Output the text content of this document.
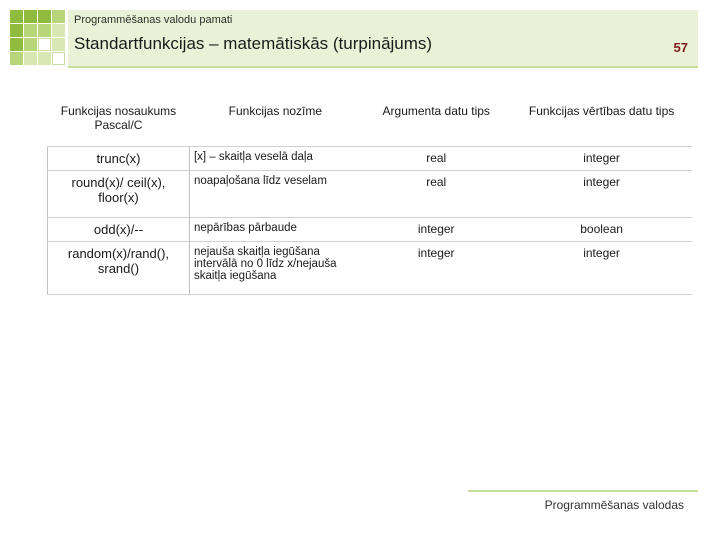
Programmēšanas valodu pamati
Standartfunkcijas – matemātiskās (turpinājums)	57
Funkcijas nosaukums Pascal/C	Funkcijas nozīme	Argumenta datu tips	Funkcijas vērtības datu tips
trunc(x)	[x] – skaitļa veselā daļa	real	integer
round(x)/ ceil(x), floor(x)	noapaļošana līdz veselam	real	integer
odd(x)/--	nepārības pārbaude	integer	boolean
random(x)/rand(), srand()	nejauša skaitļa iegūšana intervālā no 0 līdz x/nejauša skaitļa iegūšana	integer	integer
Programmēšanas valodas
